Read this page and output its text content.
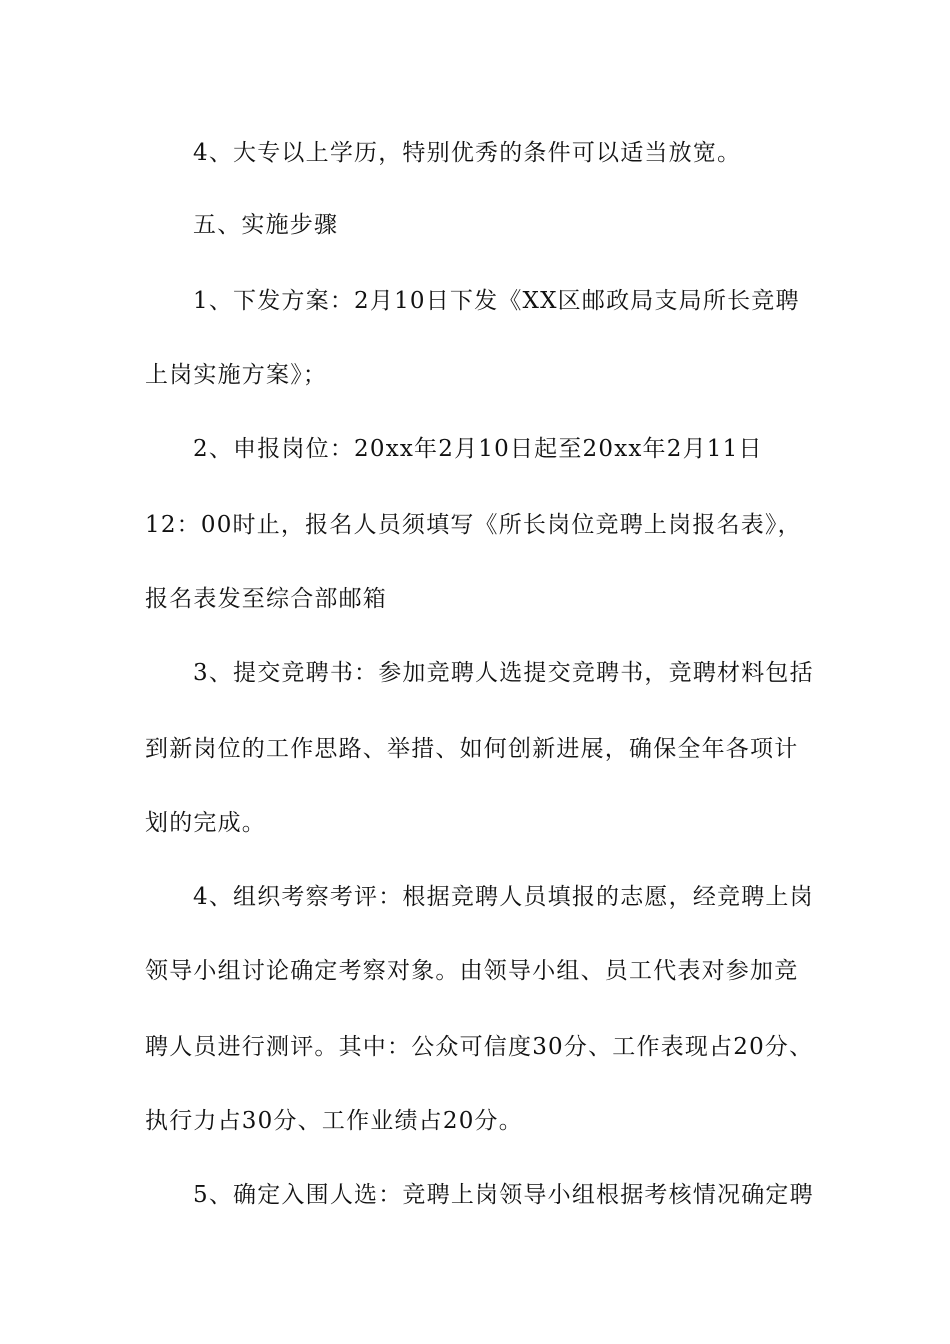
4、大专以上学历，特别优秀的条件可以适当放宽。
五、实施步骤
1、下发方案：2月10日下发《XX区邮政局支局所长竞聘
上岗实施方案》；
2、申报岗位：20xx年2月10日起至20xx年2月11日
12：00时止，报名人员须填写《所长岗位竞聘上岗报名表》，
报名表发至综合部邮箱
3、提交竞聘书：参加竞聘人选提交竞聘书，竞聘材料包括
到新岗位的工作思路、举措、如何创新进展，确保全年各项计
划的完成。
4、组织考察考评：根据竞聘人员填报的志愿，经竞聘上岗
领导小组讨论确定考察对象。由领导小组、员工代表对参加竞
聘人员进行测评。其中：公众可信度30分、工作表现占20分、
执行力占30分、工作业绩占20分。
5、确定入围人选：竞聘上岗领导小组根据考核情况确定聘
